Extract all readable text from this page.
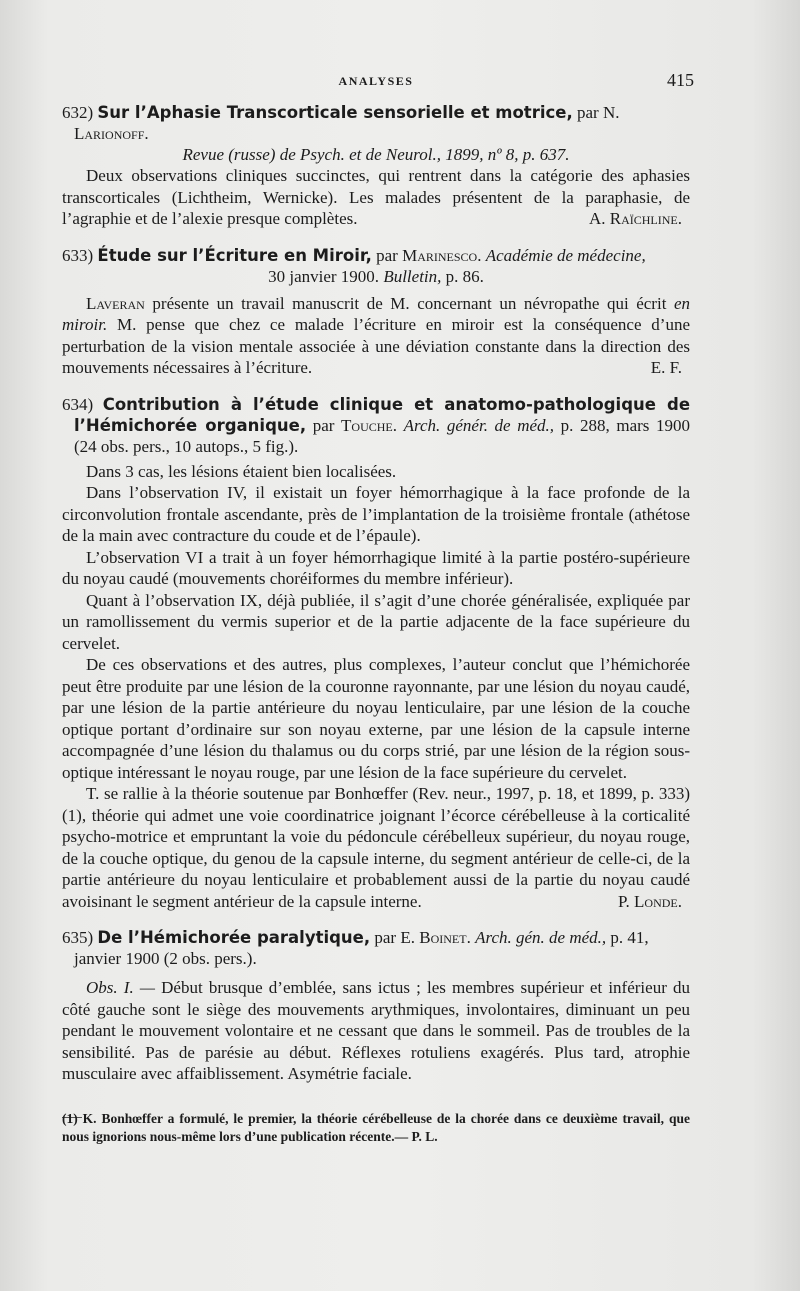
ANALYSES	415
632) Sur l’Aphasie Transcorticale sensorielle et motrice, par N. Larionoff.
Revue (russe) de Psych. et de Neurol., 1899, nº 8, p. 637.

Deux observations cliniques succinctes, qui rentrent dans la catégorie des aphasies transcorticales (Lichtheim, Wernicke). Les malades présentent de la paraphasie, de l’agraphie et de l’alexie presque complètes.	A. Raïchline.

633) Étude sur l’Écriture en Miroir, par Marinesco. Académie de médecine,
30 janvier 1900. Bulletin, p. 86.

Laveran présente un travail manuscrit de M. concernant un névropathe qui écrit en miroir. M. pense que chez ce malade l’écriture en miroir est la conséquence d’une perturbation de la vision mentale associée à une déviation constante dans la direction des mouvements nécessaires à l’écriture.	E. F.

634) Contribution à l’étude clinique et anatomo-pathologique de l’Hémichorée organique, par Touche. Arch. génér. de méd., p. 288, mars 1900 (24 obs. pers., 10 autops., 5 fig.).

Dans 3 cas, les lésions étaient bien localisées.

Dans l’observation IV, il existait un foyer hémorrhagique à la face profonde de la circonvolution frontale ascendante, près de l’implantation de la troisième frontale (athétose de la main avec contracture du coude et de l’épaule).

L’observation VI a trait à un foyer hémorrhagique limité à la partie postéro-supérieure du noyau caudé (mouvements choréiformes du membre inférieur).

Quant à l’observation IX, déjà publiée, il s’agit d’une chorée généralisée, expliquée par un ramollissement du vermis superior et de la partie adjacente de la face supérieure du cervelet.

De ces observations et des autres, plus complexes, l’auteur conclut que l’hémichorée peut être produite par une lésion de la couronne rayonnante, par une lésion du noyau caudé, par une lésion de la partie antérieure du noyau lenticulaire, par une lésion de la couche optique portant d’ordinaire sur son noyau externe, par une lésion de la capsule interne accompagnée d’une lésion du thalamus ou du corps strié, par une lésion de la région sous-optique intéressant le noyau rouge, par une lésion de la face supérieure du cervelet.

T. se rallie à la théorie soutenue par Bonhœffer (Rev. neur., 1997, p. 18, et 1899, p. 333) (1), théorie qui admet une voie coordinatrice joignant l’écorce cérébelleuse à la corticalité psycho-motrice et empruntant la voie du pédoncule cérébelleux supérieur, du noyau rouge, de la couche optique, du genou de la capsule interne, du segment antérieur de celle-ci, de la partie antérieure du noyau lenticulaire et probablement aussi de la partie du noyau caudé avoisinant le segment antérieur de la capsule interne.	P. Londe.

635) De l’Hémichorée paralytique, par E. Boinet. Arch. gén. de méd., p. 41, janvier 1900 (2 obs. pers.).

Obs. I. — Début brusque d’emblée, sans ictus ; les membres supérieur et inférieur du côté gauche sont le siège des mouvements arythmiques, involontaires, diminuant un peu pendant le mouvement volontaire et ne cessant que dans le sommeil. Pas de troubles de la sensibilité. Pas de parésie au début. Réflexes rotuliens exagérés. Plus tard, atrophie musculaire avec affaiblissement. Asymétrie faciale.

(1) K. Bonhœffer a formulé, le premier, la théorie cérébelleuse de la chorée dans ce deuxième travail, que nous ignorions nous-même lors d’une publication récente.— P. L.
